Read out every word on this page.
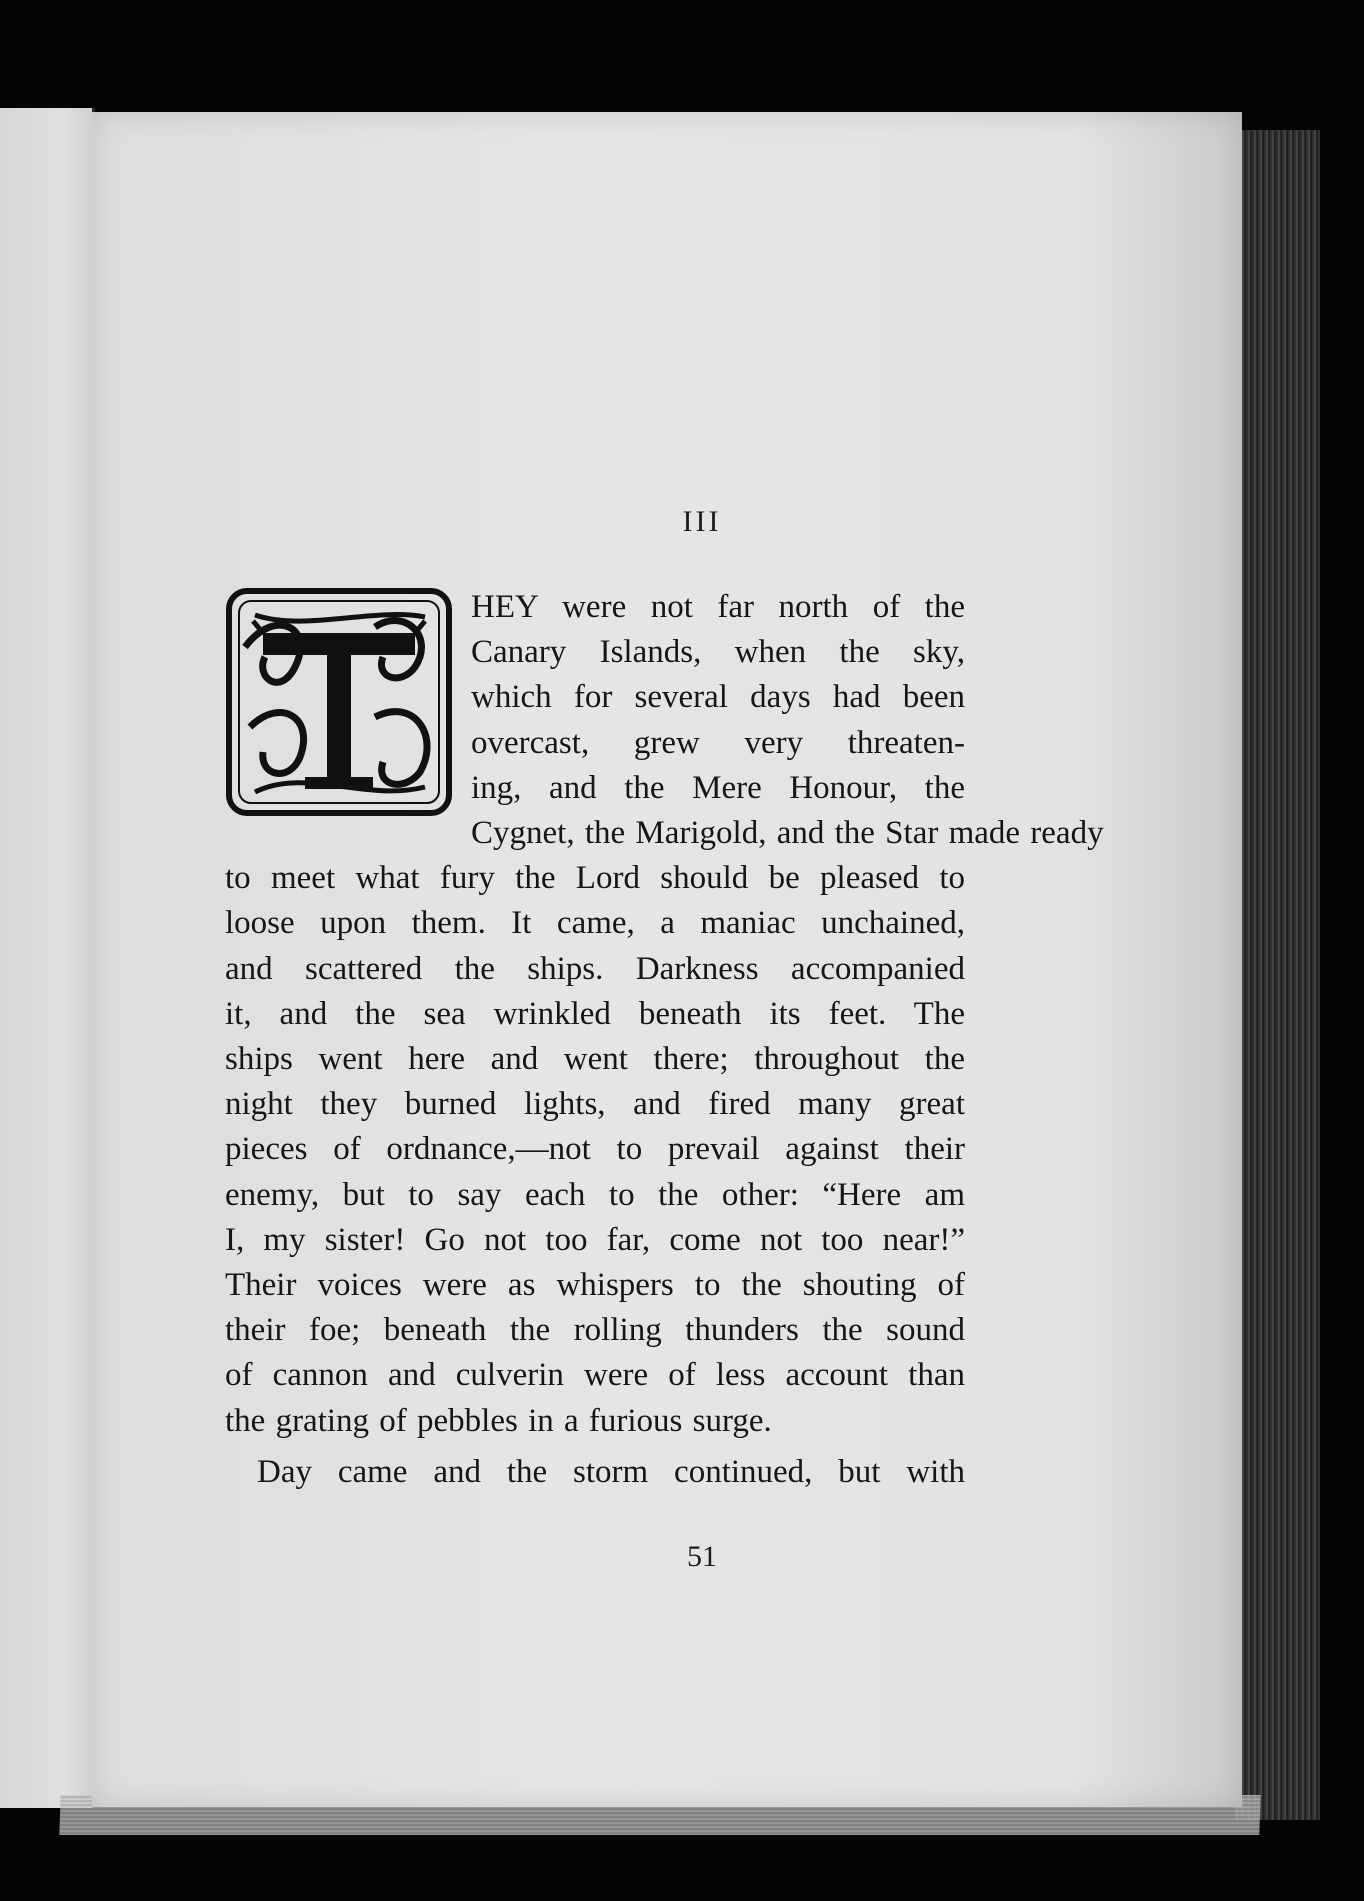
III
HEY were not far north of the
Canary Islands, when the sky,
which for several days had been
overcast, grew very threaten-
ing, and the Mere Honour, the
Cygnet, the Marigold, and the Star made ready
to meet what fury the Lord should be pleased to
loose upon them. It came, a maniac unchained,
and scattered the ships. Darkness accompanied
it, and the sea wrinkled beneath its feet. The
ships went here and went there; throughout the
night they burned lights, and fired many great
pieces of ordnance,—not to prevail against their
enemy, but to say each to the other: “Here am
I, my sister! Go not too far, come not too near!”
Their voices were as whispers to the shouting of
their foe; beneath the rolling thunders the sound
of cannon and culverin were of less account than
the grating of pebbles in a furious surge.
Day came and the storm continued, but with
51
